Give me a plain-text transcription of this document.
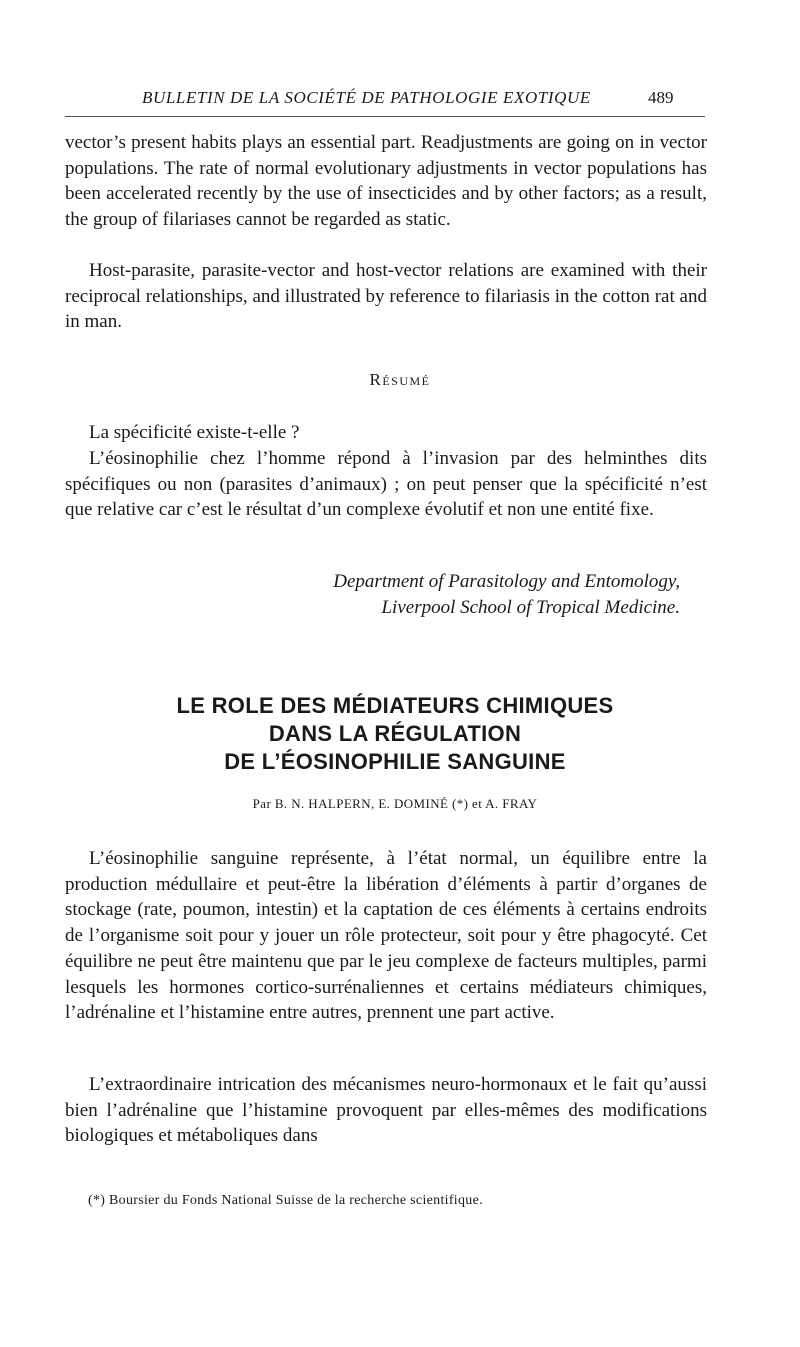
BULLETIN DE LA SOCIÉTÉ DE PATHOLOGIE EXOTIQUE	489

vector’s present habits plays an essential part. Readjustments are going on in vector populations. The rate of normal evolutionary adjustments in vector populations has been accelerated recently by the use of insecticides and by other factors; as a result, the group of filariases cannot be regarded as static.

Host-parasite, parasite-vector and host-vector relations are examined with their reciprocal relationships, and illustrated by reference to filariasis in the cotton rat and in man.

Résumé

La spécificité existe-t-elle ?

L’éosinophilie chez l’homme répond à l’invasion par des helminthes dits spécifiques ou non (parasites d’animaux) ; on peut penser que la spécificité n’est que relative car c’est le résultat d’un complexe évolutif et non une entité fixe.

Department of Parasitology and Entomology,
Liverpool School of Tropical Medicine.
LE ROLE DES MÉDIATEURS CHIMIQUES
DANS LA RÉGULATION
DE L’ÉOSINOPHILIE SANGUINE
Par B. N. HALPERN, E. DOMINÉ (*) et A. FRAY

L’éosinophilie sanguine représente, à l’état normal, un équilibre entre la production médullaire et peut-être la libération d’éléments à partir d’organes de stockage (rate, poumon, intestin) et la captation de ces éléments à certains endroits de l’organisme soit pour y jouer un rôle protecteur, soit pour y être phagocyté. Cet équilibre ne peut être maintenu que par le jeu complexe de facteurs multiples, parmi lesquels les hormones cortico-surrénaliennes et certains médiateurs chimiques, l’adrénaline et l’histamine entre autres, prennent une part active.

L’extraordinaire intrication des mécanismes neuro-hormonaux et le fait qu’aussi bien l’adrénaline que l’histamine provoquent par elles-mêmes des modifications biologiques et métaboliques dans

(*) Boursier du Fonds National Suisse de la recherche scientifique.
